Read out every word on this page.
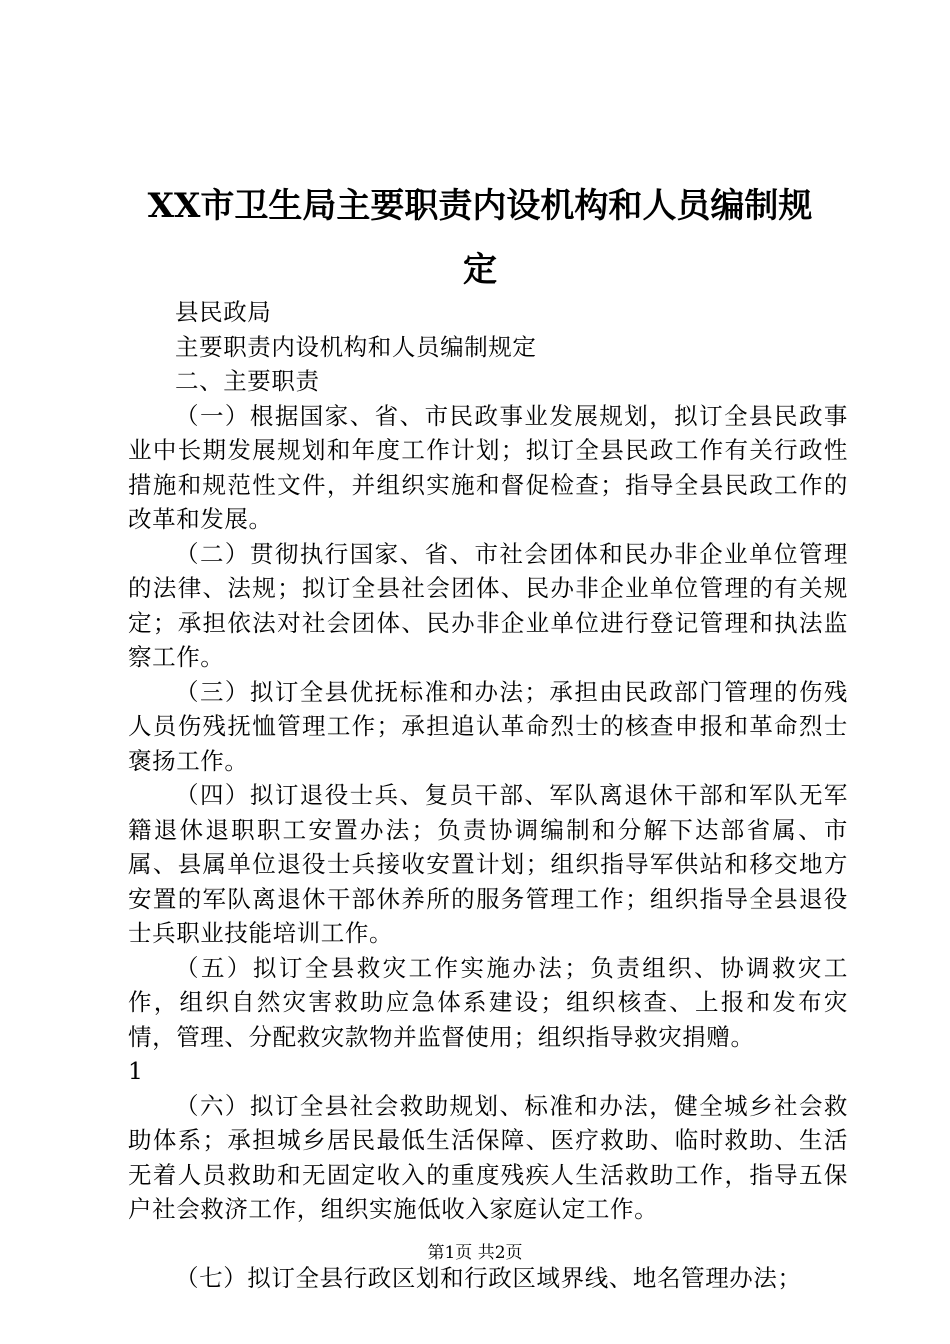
XX市卫生局主要职责内设机构和人员编制规
定

县民政局

主要职责内设机构和人员编制规定

二、主要职责

（一）根据国家、省、市民政事业发展规划，拟订全县民政事业中长期发展规划和年度工作计划；拟订全县民政工作有关行政性措施和规范性文件，并组织实施和督促检查；指导全县民政工作的改革和发展。

（二）贯彻执行国家、省、市社会团体和民办非企业单位管理的法律、法规；拟订全县社会团体、民办非企业单位管理的有关规定；承担依法对社会团体、民办非企业单位进行登记管理和执法监察工作。

（三）拟订全县优抚标准和办法；承担由民政部门管理的伤残人员伤残抚恤管理工作；承担追认革命烈士的核查申报和革命烈士褒扬工作。

（四）拟订退役士兵、复员干部、军队离退休干部和军队无军籍退休退职职工安置办法；负责协调编制和分解下达部省属、市属、县属单位退役士兵接收安置计划；组织指导军供站和移交地方安置的军队离退休干部休养所的服务管理工作；组织指导全县退役士兵职业技能培训工作。

（五）拟订全县救灾工作实施办法；负责组织、协调救灾工作，组织自然灾害救助应急体系建设；组织核查、上报和发布灾情，管理、分配救灾款物并监督使用；组织指导救灾捐赠。

1

（六）拟订全县社会救助规划、标准和办法，健全城乡社会救助体系；承担城乡居民最低生活保障、医疗救助、临时救助、生活无着人员救助和无固定收入的重度残疾人生活救助工作，指导五保户社会救济工作，组织实施低收入家庭认定工作。

（七）拟订全县行政区划和行政区域界线、地名管理办法；

第1页 共2页
